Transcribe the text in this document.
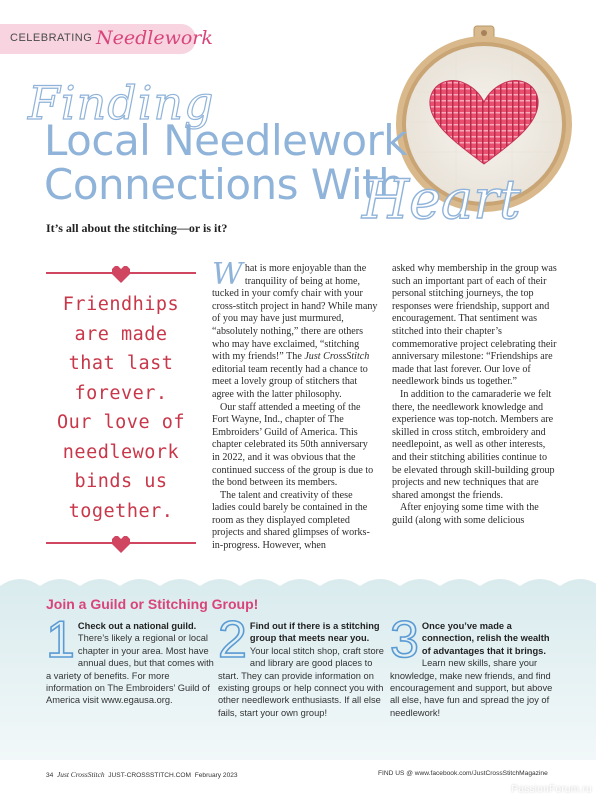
CELEBRATING Needlework
Finding
Local Needlework
Connections With
Heart
It’s all about the stitching—or is it?
Friendhips
are made
that last
forever.
Our love of
needlework
binds us
together.

What is more enjoyable than the tranquility of being at home, tucked in your comfy chair with your cross-stitch project in hand? While many of you may have just murmured, “absolutely nothing,” there are others who may have exclaimed, “stitching with my friends!” The Just CrossStitch editorial team recently had a chance to meet a lovely group of stitchers that agree with the latter philosophy.

Our staff attended a meeting of the Fort Wayne, Ind., chapter of The Embroiders’ Guild of America. This chapter celebrated its 50th anniversary in 2022, and it was obvious that the continued success of the group is due to the bond between its members.

The talent and creativity of these ladies could barely be contained in the room as they displayed completed projects and shared glimpses of works-in-progress. However, when

asked why membership in the group was such an important part of each of their personal stitching journeys, the top responses were friendship, support and encouragement. That sentiment was stitched into their chapter’s commemorative project celebrating their anniversary milestone: “Friendships are made that last forever. Our love of needlework binds us together.”

In addition to the camaraderie we felt there, the needlework knowledge and experience was top-notch. Members are skilled in cross stitch, embroidery and needlepoint, as well as other interests, and their stitching abilities continue to be elevated through skill-building group projects and new techniques that are shared amongst the friends.

After enjoying some time with the guild (along with some delicious

Join a Guild or Stitching Group!
1 Check out a national guild. There’s likely a regional or local chapter in your area. Most have annual dues, but that comes with a variety of benefits. For more information on The Embroiders’ Guild of America visit www.egausa.org.
2 Find out if there is a stitching group that meets near you. Your local stitch shop, craft store and library are good places to start. They can provide information on existing groups or help connect you with other needlework enthusiasts. If all else fails, start your own group!
3 Once you’ve made a connection, relish the wealth of advantages that it brings. Learn new skills, share your knowledge, make new friends, and find encouragement and support, but above all else, have fun and spread the joy of needlework!
34 Just CrossStitch JUST-CROSSSTITCH.COM February 2023	FIND US @ www.facebook.com/JustCrossStitchMagazine
PassionForum.ru
